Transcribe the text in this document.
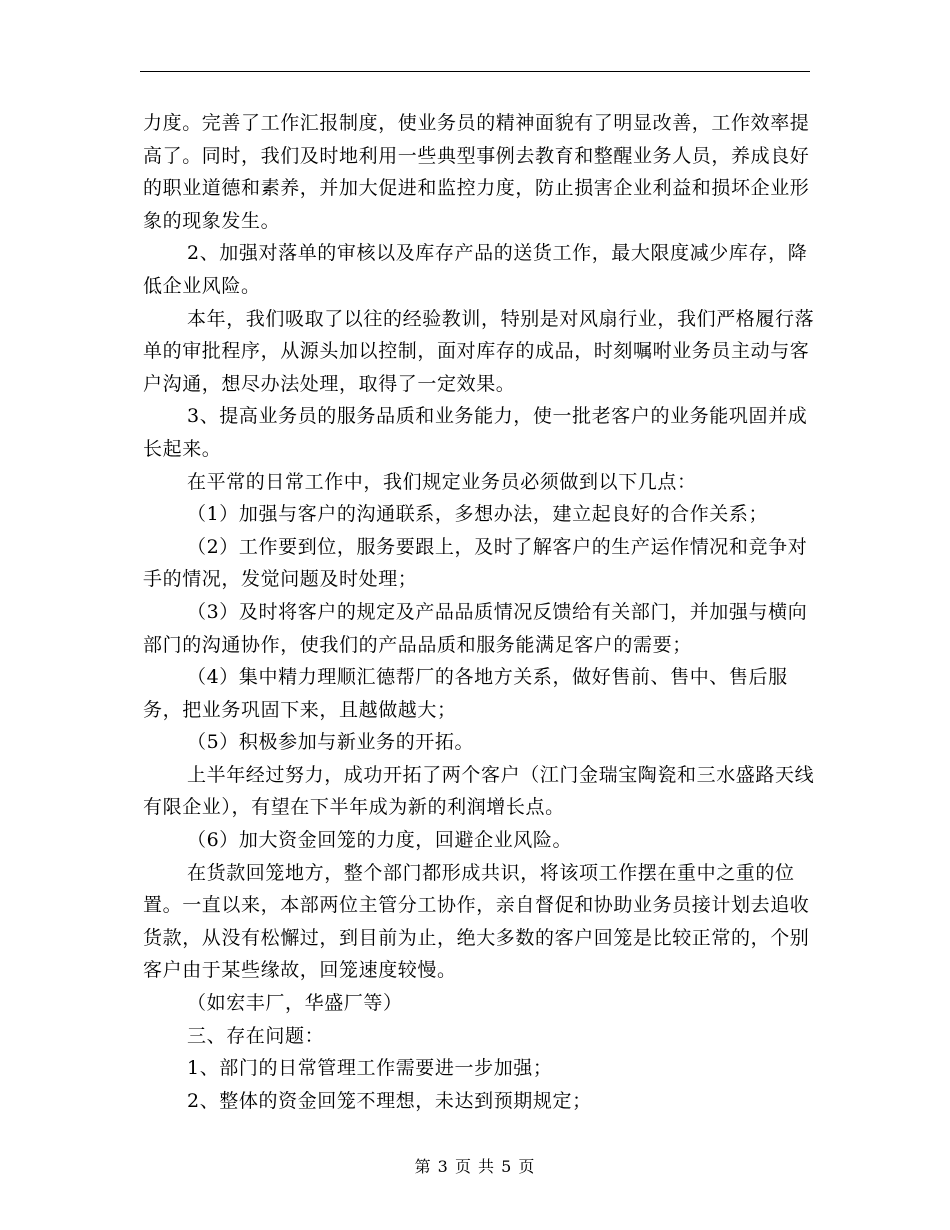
力度。完善了工作汇报制度，使业务员的精神面貌有了明显改善，工作效率提高了。同时，我们及时地利用一些典型事例去教育和整醒业务人员，养成良好的职业道德和素养，并加大促进和监控力度，防止损害企业利益和损坏企业形象的现象发生。

2、加强对落单的审核以及库存产品的送货工作，最大限度减少库存，降低企业风险。

本年，我们吸取了以往的经验教训，特别是对风扇行业，我们严格履行落单的审批程序，从源头加以控制，面对库存的成品，时刻嘱咐业务员主动与客户沟通，想尽办法处理，取得了一定效果。

3、提高业务员的服务品质和业务能力，使一批老客户的业务能巩固并成长起来。

在平常的日常工作中，我们规定业务员必须做到以下几点：

（1）加强与客户的沟通联系，多想办法，建立起良好的合作关系；

（2）工作要到位，服务要跟上，及时了解客户的生产运作情况和竞争对手的情况，发觉问题及时处理；

（3）及时将客户的规定及产品品质情况反馈给有关部门，并加强与横向部门的沟通协作，使我们的产品品质和服务能满足客户的需要；

（4）集中精力理顺汇德帮厂的各地方关系，做好售前、售中、售后服务，把业务巩固下来，且越做越大；

（5）积极参加与新业务的开拓。

上半年经过努力，成功开拓了两个客户（江门金瑞宝陶瓷和三水盛路天线有限企业），有望在下半年成为新的利润增长点。

（6）加大资金回笼的力度，回避企业风险。

在货款回笼地方，整个部门都形成共识，将该项工作摆在重中之重的位置。一直以来，本部两位主管分工协作，亲自督促和协助业务员接计划去追收货款，从没有松懈过，到目前为止，绝大多数的客户回笼是比较正常的，个别客户由于某些缘故，回笼速度较慢。

（如宏丰厂，华盛厂等）

三、存在问题：

1、部门的日常管理工作需要进一步加强；

2、整体的资金回笼不理想，未达到预期规定；

第 3 页 共 5 页
